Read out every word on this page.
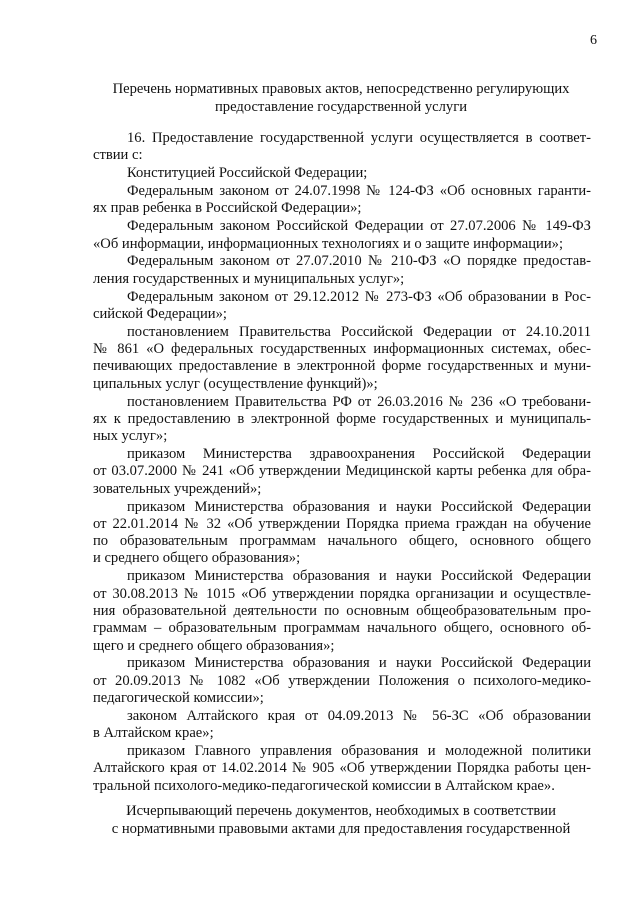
6
Перечень нормативных правовых актов, непосредственно регулирующих
предоставление государственной услуги

16. Предоставление государственной услуги осуществляется в соответ-
ствии с:

Конституцией Российской Федерации;

Федеральным законом от 24.07.1998 № 124-ФЗ «Об основных гаранти-
ях прав ребенка в Российской Федерации»;

Федеральным законом Российской Федерации от 27.07.2006 № 149-ФЗ
«Об информации, информационных технологиях и о защите информации»;

Федеральным законом от 27.07.2010 № 210-ФЗ «О порядке предостав-
ления государственных и муниципальных услуг»;

Федеральным законом от 29.12.2012 № 273-ФЗ «Об образовании в Рос-
сийской Федерации»;

постановлением Правительства Российской Федерации от 24.10.2011
№ 861 «О федеральных государственных информационных системах, обес-
печивающих предоставление в электронной форме государственных и муни-
ципальных услуг (осуществление функций)»;

постановлением Правительства РФ от 26.03.2016 № 236 «О требовани-
ях к предоставлению в электронной форме государственных и муниципаль-
ных услуг»;

приказом Министерства здравоохранения Российской Федерации
от 03.07.2000 № 241 «Об утверждении Медицинской карты ребенка для обра-
зовательных учреждений»;

приказом Министерства образования и науки Российской Федерации
от 22.01.2014 № 32 «Об утверждении Порядка приема граждан на обучение
по образовательным программам начального общего, основного общего
и среднего общего образования»;

приказом Министерства образования и науки Российской Федерации
от 30.08.2013 № 1015 «Об утверждении порядка организации и осуществле-
ния образовательной деятельности по основным общеобразовательным про-
граммам – образовательным программам начального общего, основного об-
щего и среднего общего образования»;

приказом Министерства образования и науки Российской Федерации
от 20.09.2013 № 1082 «Об утверждении Положения о психолого-медико-
педагогической комиссии»;

законом Алтайского края от 04.09.2013 № 56-ЗС «Об образовании
в Алтайском крае»;

приказом Главного управления образования и молодежной политики
Алтайского края от 14.02.2014 № 905 «Об утверждении Порядка работы цен-
тральной психолого-медико-педагогической комиссии в Алтайском крае».

Исчерпывающий перечень документов, необходимых в соответствии
с нормативными правовыми актами для предоставления государственной
